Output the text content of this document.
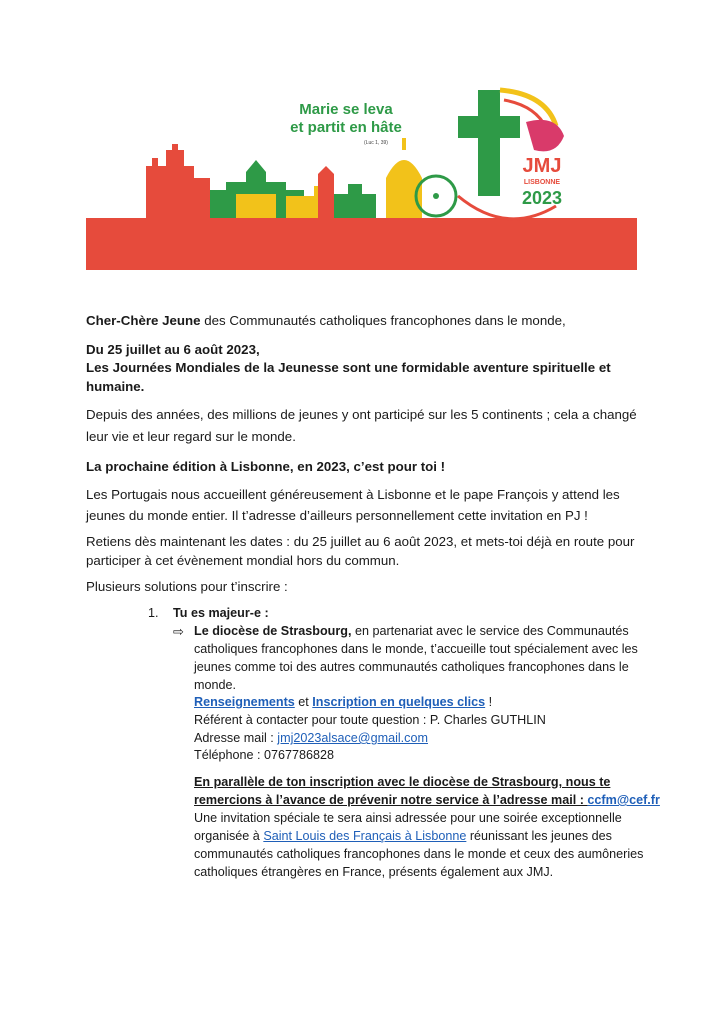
Marie se leva
et partit en hâte
(Luc 1, 39)
JMJ
LISBONNE
2023

Cher-Chère Jeune des Communautés catholiques francophones dans le monde,

Du 25 juillet au 6 août 2023,

Les Journées Mondiales de la Jeunesse sont une formidable aventure spirituelle et

humaine.

Depuis des années, des millions de jeunes y ont participé sur les 5 continents ; cela a changé

leur vie et leur regard sur le monde.

La prochaine édition à Lisbonne, en 2023, c’est pour toi !

Les Portugais nous accueillent généreusement à Lisbonne et le pape François y attend les

jeunes du monde entier. Il t’adresse d’ailleurs personnellement cette invitation en PJ !

Retiens dès maintenant les dates : du 25 juillet au 6 août 2023, et mets-toi déjà en route pour

participer à cet évènement mondial hors du commun.

Plusieurs solutions pour t’inscrire :

1. Tu es majeur-e :

⇨ Le diocèse de Strasbourg, en partenariat avec le service des Communautés

catholiques francophones dans le monde, t’accueille tout spécialement avec les

jeunes comme toi des autres communautés catholiques francophones dans le

monde.

Renseignements et Inscription en quelques clics !

Référent à contacter pour toute question : P. Charles GUTHLIN

Adresse mail : jmj2023alsace@gmail.com

Téléphone : 0767786828

En parallèle de ton inscription avec le diocèse de Strasbourg, nous te

remercions à l’avance de prévenir notre service à l’adresse mail : ccfm@cef.fr

Une invitation spéciale te sera ainsi adressée pour une soirée exceptionnelle

organisée à Saint Louis des Français à Lisbonne réunissant les jeunes des

communautés catholiques francophones dans le monde et ceux des aumôneries

catholiques étrangères en France, présents également aux JMJ.
